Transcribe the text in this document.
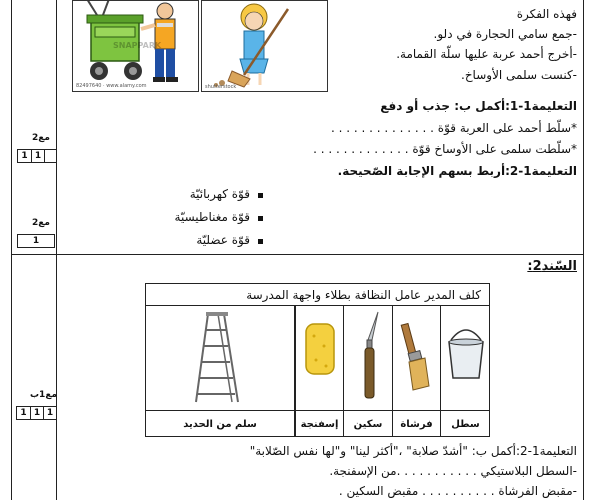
SNAPPARK
82497640 · www.alamy.com	shutterstock
فهذه الفكرة
-جمع سامي الحجارة في دلو.
-أخرج أحمد عربة عليها سلّة القمامة.
-كنست سلمى الأوساخ.
التعليمة1-1:أكمل ب: جذب أو دفع
*سلّط أحمد على العربة قوّة . . . . . . . . . . . . . .
*سلّطت سلمى على الأوساخ قوّة . . . . . . . . . . . . .
التعليمة1-2:أربط بسهم الإجابة الصّحيحة.
قوّة كهربائيّة
قوّة مغناطيسيّة
قوّة عضليّة
مع2
1 1
مع2
1
مع1ب
1 1 1
السّند2:
كلف المدير عامل النظافة بطلاء واجهة المدرسة
سطل
فرشاة
سكين
إسفنجة
سلم من الحديد
التعليمة1-2:أكمل ب: "أشدّ صلابة" ،"أكثر لينا" و"لها نفس الصّلابة"
-السطل البلاستيكي . . . . . . . . . . .من الإسفنجة.
-مقبض الفرشاة . . . . . . . . . . مقبض السكين .
